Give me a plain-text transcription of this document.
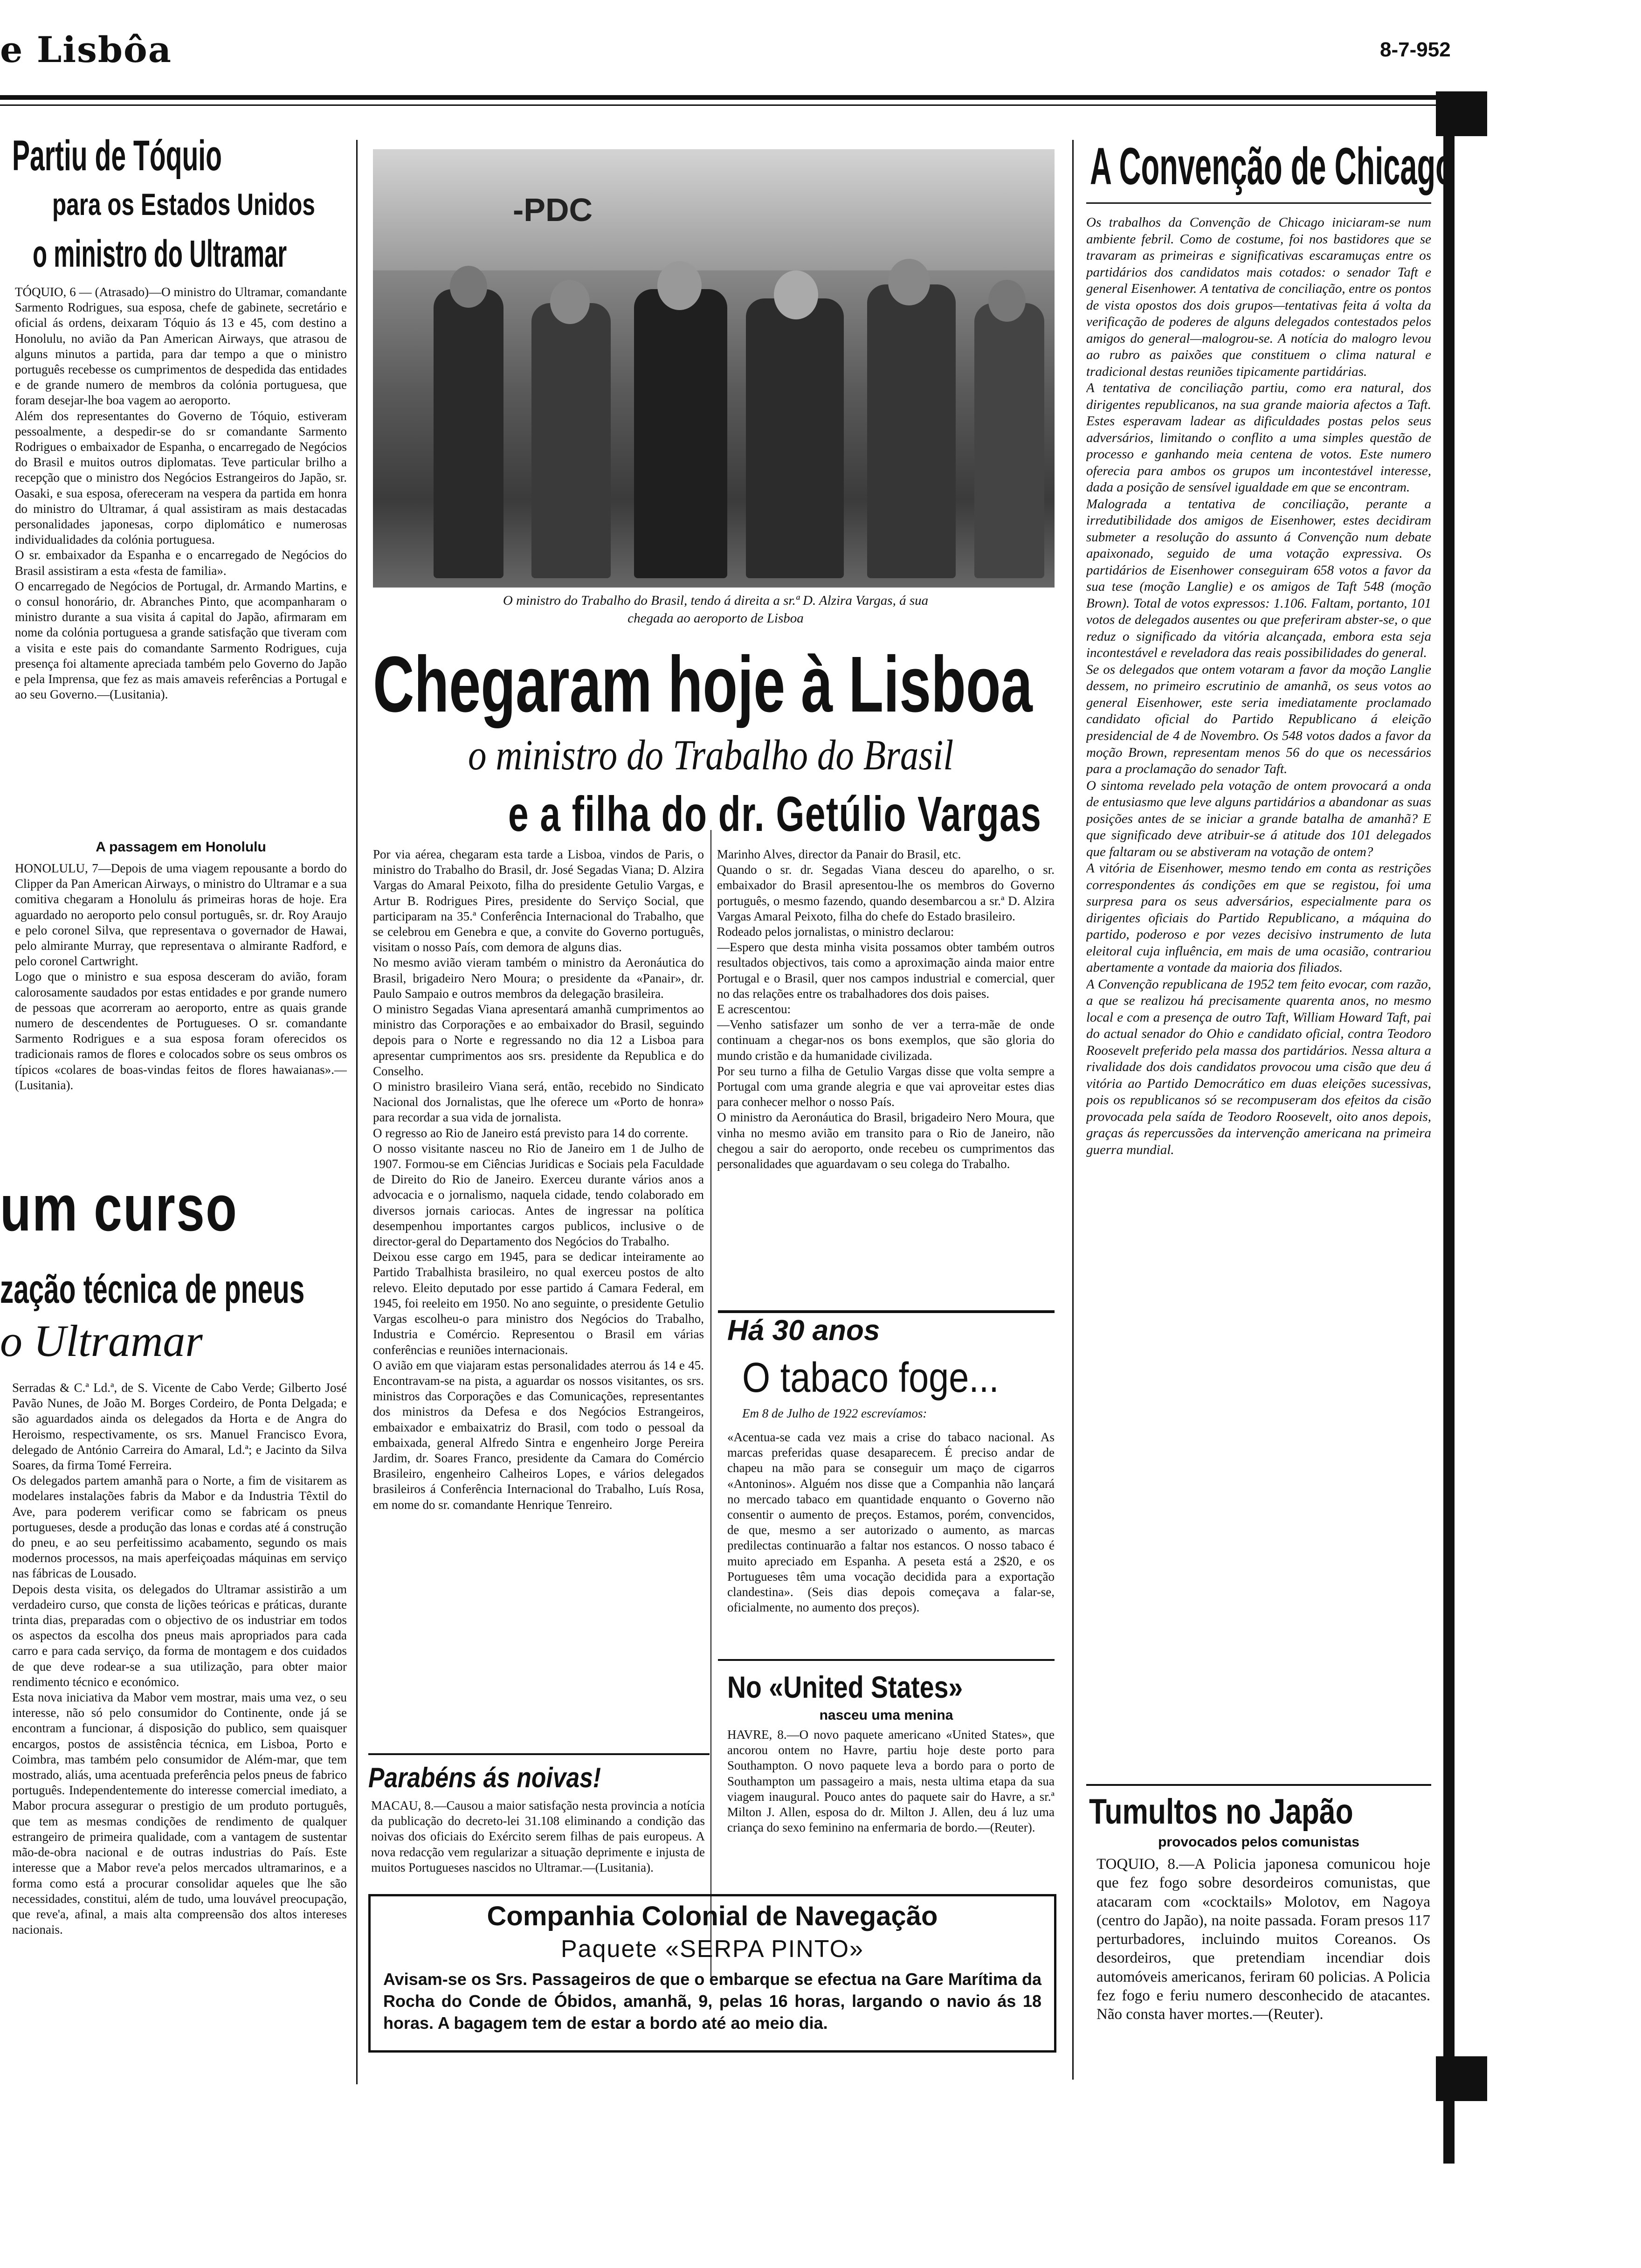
e Lisbôa	8-7-952
Partiu de Tóquio
para os Estados Unidos
o ministro do Ultramar
TÓQUIO, 6 — (Atrasado)—O ministro do Ultramar, comandante Sarmento Rodrigues, sua esposa, chefe de gabinete, secretário e oficial ás ordens, deixaram Tóquio ás 13 e 45, com destino a Honolulu, no avião da Pan American Airways, que atrasou de alguns minutos a partida, para dar tempo a que o ministro português recebesse os cumprimentos de despedida das entidades e de grande numero de membros da colónia portuguesa, que foram desejar-lhe boa vagem ao aeroporto.
Além dos representantes do Governo de Tóquio, estiveram pessoalmente, a despedir-se do sr comandante Sarmento Rodrigues o embaixador de Espanha, o encarregado de Negócios do Brasil e muitos outros diplomatas. Teve particular brilho a recepção que o ministro dos Negócios Estrangeiros do Japão, sr. Oasaki, e sua esposa, ofereceram na vespera da partida em honra do ministro do Ultramar, á qual assistiram as mais destacadas personalidades japonesas, corpo diplomático e numerosas individualidades da colónia portuguesa.
O sr. embaixador da Espanha e o encarregado de Negócios do Brasil assistiram a esta «festa de familia».
O encarregado de Negócios de Portugal, dr. Armando Martins, e o consul honorário, dr. Abranches Pinto, que acompanharam o ministro durante a sua visita á capital do Japão, afirmaram em nome da colónia portuguesa a grande satisfação que tiveram com a visita e este pais do comandante Sarmento Rodrigues, cuja presença foi altamente apreciada também pelo Governo do Japão e pela Imprensa, que fez as mais amaveis referências a Portugal e ao seu Governo.—(Lusitania).
A passagem em Honolulu
HONOLULU, 7—Depois de uma viagem repousante a bordo do Clipper da Pan American Airways, o ministro do Ultramar e a sua comitiva chegaram a Honolulu ás primeiras horas de hoje. Era aguardado no aeroporto pelo consul português, sr. dr. Roy Araujo e pelo coronel Silva, que representava o governador de Hawai, pelo almirante Murray, que representava o almirante Radford, e pelo coronel Cartwright.
Logo que o ministro e sua esposa desceram do avião, foram calorosamente saudados por estas entidades e por grande numero de pessoas que acorreram ao aeroporto, entre as quais grande numero de descendentes de Portugueses. O sr. comandante Sarmento Rodrigues e a sua esposa foram oferecidos os tradicionais ramos de flores e colocados sobre os seus ombros os típicos «colares de boas-vindas feitos de flores hawaianas».—(Lusitania).
um curso
zação técnica de pneus
o Ultramar
Serradas & C.ª Ld.ª, de S. Vicente de Cabo Verde; Gilberto José Pavão Nunes, de João M. Borges Cordeiro, de Ponta Delgada; e são aguardados ainda os delegados da Horta e de Angra do Heroismo, respectivamente, os srs. Manuel Francisco Evora, delegado de António Carreira do Amaral, Ld.ª; e Jacinto da Silva Soares, da firma Tomé Ferreira.
Os delegados partem amanhã para o Norte, a fim de visitarem as modelares instalações fabris da Mabor e da Industria Têxtil do Ave, para poderem verificar como se fabricam os pneus portugueses, desde a produção das lonas e cordas até á construção do pneu, e ao seu perfeitissimo acabamento, segundo os mais modernos processos, na mais aperfeiçoadas máquinas em serviço nas fábricas de Lousado.
Depois desta visita, os delegados do Ultramar assistirão a um verdadeiro curso, que consta de lições teóricas e práticas, durante trinta dias, preparadas com o objectivo de os industriar em todos os aspectos da escolha dos pneus mais apropriados para cada carro e para cada serviço, da forma de montagem e dos cuidados de que deve rodear-se a sua utilização, para obter maior rendimento técnico e económico.
Esta nova iniciativa da Mabor vem mostrar, mais uma vez, o seu interesse, não só pelo consumidor do Continente, onde já se encontram a funcionar, á disposição do publico, sem quaisquer encargos, postos de assistência técnica, em Lisboa, Porto e Coimbra, mas também pelo consumidor de Além-mar, que tem mostrado, aliás, uma acentuada preferência pelos pneus de fabrico português. Independentemente do interesse comercial imediato, a Mabor procura assegurar o prestigio de um produto português, que tem as mesmas condições de rendimento de qualquer estrangeiro de primeira qualidade, com a vantagem de sustentar mão-de-obra nacional e de outras industrias do País. Este interesse que a Mabor reve'a pelos mercados ultramarinos, e a forma como está a procurar consolidar aqueles que lhe são necessidades, constitui, além de tudo, uma louvável preocupação, que reve'a, afinal, a mais alta compreensão dos altos intereses nacionais.
-PDC
O ministro do Trabalho do Brasil, tendo á direita a sr.ª D. Alzira Vargas, á sua
chegada ao aeroporto de Lisboa
Chegaram hoje à Lisboa
o ministro do Trabalho do Brasil
e a filha do dr. Getúlio Vargas
Por via aérea, chegaram esta tarde a Lisboa, vindos de Paris, o ministro do Trabalho do Brasil, dr. José Segadas Viana; D. Alzira Vargas do Amaral Peixoto, filha do presidente Getulio Vargas, e Artur B. Rodrigues Pires, presidente do Serviço Social, que participaram na 35.ª Conferência Internacional do Trabalho, que se celebrou em Genebra e que, a convite do Governo português, visitam o nosso País, com demora de alguns dias.
No mesmo avião vieram também o ministro da Aeronáutica do Brasil, brigadeiro Nero Moura; o presidente da «Panair», dr. Paulo Sampaio e outros membros da delegação brasileira.
O ministro Segadas Viana apresentará amanhã cumprimentos ao ministro das Corporações e ao embaixador do Brasil, seguindo depois para o Norte e regressando no dia 12 a Lisboa para apresentar cumprimentos aos srs. presidente da Republica e do Conselho.
O ministro brasileiro Viana será, então, recebido no Sindicato Nacional dos Jornalistas, que lhe oferece um «Porto de honra» para recordar a sua vida de jornalista.
O regresso ao Rio de Janeiro está previsto para 14 do corrente.
O nosso visitante nasceu no Rio de Janeiro em 1 de Julho de 1907. Formou-se em Ciências Juridicas e Sociais pela Faculdade de Direito do Rio de Janeiro. Exerceu durante vários anos a advocacia e o jornalismo, naquela cidade, tendo colaborado em diversos jornais cariocas. Antes de ingressar na política desempenhou importantes cargos publicos, inclusive o de director-geral do Departamento dos Negócios do Trabalho.
Deixou esse cargo em 1945, para se dedicar inteiramente ao Partido Trabalhista brasileiro, no qual exerceu postos de alto relevo. Eleito deputado por esse partido á Camara Federal, em 1945, foi reeleito em 1950. No ano seguinte, o presidente Getulio Vargas escolheu-o para ministro dos Negócios do Trabalho, Industria e Comércio. Representou o Brasil em várias conferências e reuniões internacionais.
O avião em que viajaram estas personalidades aterrou ás 14 e 45. Encontravam-se na pista, a aguardar os nossos visitantes, os srs. ministros das Corporações e das Comunicações, representantes dos ministros da Defesa e dos Negócios Estrangeiros, embaixador e embaixatriz do Brasil, com todo o pessoal da embaixada, general Alfredo Sintra e engenheiro Jorge Pereira Jardim, dr. Soares Franco, presidente da Camara do Comércio Brasileiro, engenheiro Calheiros Lopes, e vários delegados brasileiros á Conferência Internacional do Trabalho, Luís Rosa, em nome do sr. comandante Henrique Tenreiro.
Marinho Alves, director da Panair do Brasil, etc.
Quando o sr. dr. Segadas Viana desceu do aparelho, o sr. embaixador do Brasil apresentou-lhe os membros do Governo português, o mesmo fazendo, quando desembarcou a sr.ª D. Alzira Vargas Amaral Peixoto, filha do chefe do Estado brasileiro.
Rodeado pelos jornalistas, o ministro declarou:
—Espero que desta minha visita possamos obter também outros resultados objectivos, tais como a aproximação ainda maior entre Portugal e o Brasil, quer nos campos industrial e comercial, quer no das relações entre os trabalhadores dos dois paises.
E acrescentou:
—Venho satisfazer um sonho de ver a terra-mãe de onde continuam a chegar-nos os bons exemplos, que são gloria do mundo cristão e da humanidade civilizada.
Por seu turno a filha de Getulio Vargas disse que volta sempre a Portugal com uma grande alegria e que vai aproveitar estes dias para conhecer melhor o nosso País.
O ministro da Aeronáutica do Brasil, brigadeiro Nero Moura, que vinha no mesmo avião em transito para o Rio de Janeiro, não chegou a sair do aeroporto, onde recebeu os cumprimentos das personalidades que aguardavam o seu colega do Trabalho.
Há 30 anos
O tabaco foge...
Em 8 de Julho de 1922 escrevíamos:
«Acentua-se cada vez mais a crise do tabaco nacional. As marcas preferidas quase desaparecem. É preciso andar de chapeu na mão para se conseguir um maço de cigarros «Antoninos». Alguém nos disse que a Companhia não lançará no mercado tabaco em quantidade enquanto o Governo não consentir o aumento de preços. Estamos, porém, convencidos, de que, mesmo a ser autorizado o aumento, as marcas predilectas continuarão a faltar nos estancos. O nosso tabaco é muito apreciado em Espanha. A peseta está a 2$20, e os Portugueses têm uma vocação decidida para a exportação clandestina». (Seis dias depois começava a falar-se, oficialmente, no aumento dos preços).
No «United States»
nasceu uma menina
HAVRE, 8.—O novo paquete americano «United States», que ancorou ontem no Havre, partiu hoje deste porto para Southampton. O novo paquete leva a bordo para o porto de Southampton um passageiro a mais, nesta ultima etapa da sua viagem inaugural. Pouco antes do paquete sair do Havre, a sr.ª Milton J. Allen, esposa do dr. Milton J. Allen, deu á luz uma criança do sexo feminino na enfermaria de bordo.—(Reuter).
Parabéns ás noivas!
MACAU, 8.—Causou a maior satisfação nesta provincia a notícia da publicação do decreto-lei 31.108 eliminando a condição das noivas dos oficiais do Exército serem filhas de pais europeus. A nova redacção vem regularizar a situação deprimente e injusta de muitos Portugueses nascidos no Ultramar.—(Lusitania).
Companhia Colonial de Navegação
Paquete «SERPA PINTO»
Avisam-se os Srs. Passageiros de que o embarque se efectua na Gare Marítima da Rocha do Conde de Óbidos, amanhã, 9, pelas 16 horas, largando o navio ás 18 horas. A bagagem tem de estar a bordo até ao meio dia.
A Convenção de Chicago
Os trabalhos da Convenção de Chicago iniciaram-se num ambiente febril. Como de costume, foi nos bastidores que se travaram as primeiras e significativas escaramuças entre os partidários dos candidatos mais cotados: o senador Taft e general Eisenhower. A tentativa de conciliação, entre os pontos de vista opostos dos dois grupos—tentativas feita á volta da verificação de poderes de alguns delegados contestados pelos amigos do general—malogrou-se. A notícia do malogro levou ao rubro as paixões que constituem o clima natural e tradicional destas reuniões tipicamente partidárias.
A tentativa de conciliação partiu, como era natural, dos dirigentes republicanos, na sua grande maioria afectos a Taft. Estes esperavam ladear as dificuldades postas pelos seus adversários, limitando o conflito a uma simples questão de processo e ganhando meia centena de votos. Este numero oferecia para ambos os grupos um incontestável interesse, dada a posição de sensível igualdade em que se encontram.
Malograda a tentativa de conciliação, perante a irredutibilidade dos amigos de Eisenhower, estes decidiram submeter a resolução do assunto á Convenção num debate apaixonado, seguido de uma votação expressiva. Os partidários de Eisenhower conseguiram 658 votos a favor da sua tese (moção Langlie) e os amigos de Taft 548 (moção Brown). Total de votos expressos: 1.106. Faltam, portanto, 101 votos de delegados ausentes ou que preferiram abster-se, o que reduz o significado da vitória alcançada, embora esta seja incontestável e reveladora das reais possibilidades do general.
Se os delegados que ontem votaram a favor da moção Langlie dessem, no primeiro escrutinio de amanhã, os seus votos ao general Eisenhower, este seria imediatamente proclamado candidato oficial do Partido Republicano á eleição presidencial de 4 de Novembro. Os 548 votos dados a favor da moção Brown, representam menos 56 do que os necessários para a proclamação do senador Taft.
O sintoma revelado pela votação de ontem provocará a onda de entusiasmo que leve alguns partidários a abandonar as suas posições antes de se iniciar a grande batalha de amanhã? E que significado deve atribuir-se á atitude dos 101 delegados que faltaram ou se abstiveram na votação de ontem?
A vitória de Eisenhower, mesmo tendo em conta as restrições correspondentes ás condições em que se registou, foi uma surpresa para os seus adversários, especialmente para os dirigentes oficiais do Partido Republicano, a máquina do partido, poderoso e por vezes decisivo instrumento de luta eleitoral cuja influência, em mais de uma ocasião, contrariou abertamente a vontade da maioria dos filiados.
A Convenção republicana de 1952 tem feito evocar, com razão, a que se realizou há precisamente quarenta anos, no mesmo local e com a presença de outro Taft, William Howard Taft, pai do actual senador do Ohio e candidato oficial, contra Teodoro Roosevelt preferido pela massa dos partidários. Nessa altura a rivalidade dos dois candidatos provocou uma cisão que deu á vitória ao Partido Democrático em duas eleições sucessivas, pois os republicanos só se recompuseram dos efeitos da cisão provocada pela saída de Teodoro Roosevelt, oito anos depois, graças ás repercussões da intervenção americana na primeira guerra mundial.
Tumultos no Japão
provocados pelos comunistas
TOQUIO, 8.—A Policia japonesa comunicou hoje que fez fogo sobre desordeiros comunistas, que atacaram com «cocktails» Molotov, em Nagoya (centro do Japão), na noite passada. Foram presos 117 perturbadores, incluindo muitos Coreanos. Os desordeiros, que pretendiam incendiar dois automóveis americanos, feriram 60 policias. A Policia fez fogo e feriu numero desconhecido de atacantes. Não consta haver mortes.—(Reuter).
